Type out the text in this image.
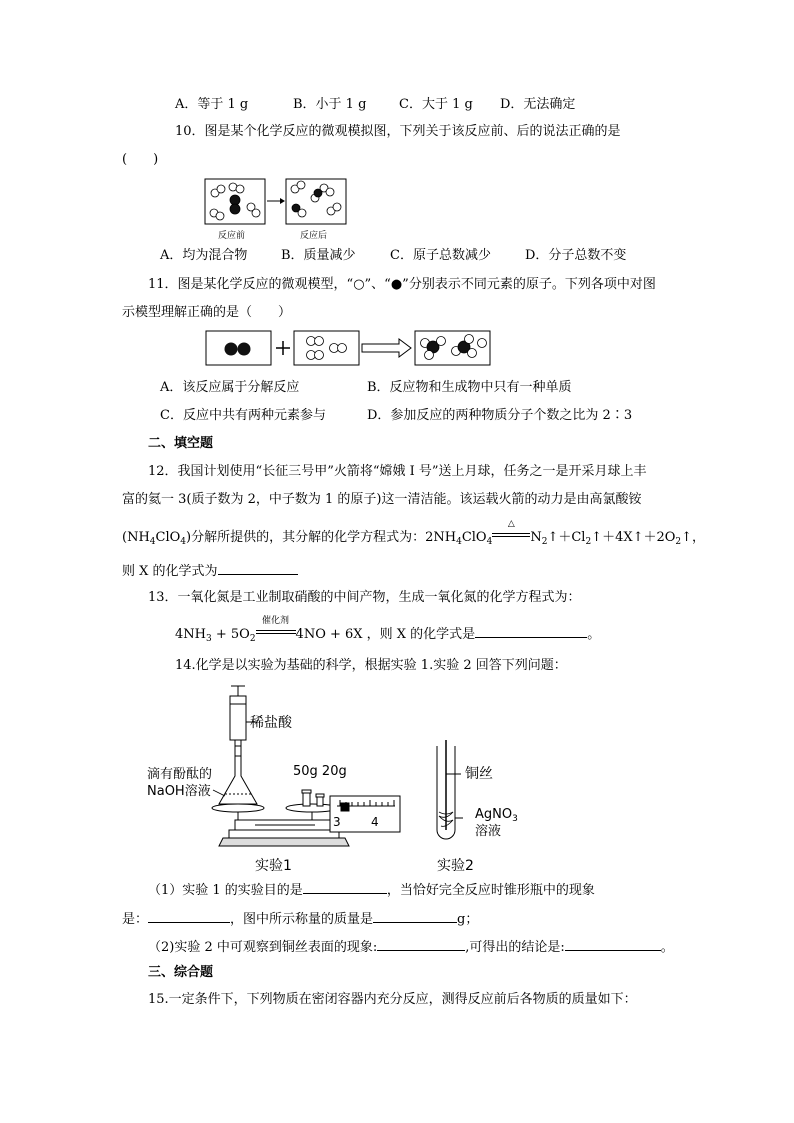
A．等于 1 g	B．小于 1 g	C．大于 1 g D．无法确定
10．图是某个化学反应的微观模拟图，下列关于该反应前、后的说法正确的是
(　　)
反应前	反应后
A．均为混合物	B．质量减少	C．原子总数减少	D．分子总数不变
11．图是某化学反应的微观模型，“○”、“●”分别表示不同元素的原子。下列各项中对图
示模型理解正确的是（　　）
A．该反应属于分解反应	B．反应物和生成物中只有一种单质
C．反应中共有两种元素参与	D．参加反应的两种物质分子个数之比为 2∶3
二、填空题
12．我国计划使用“长征三号甲”火箭将“嫦娥 I 号”送上月球，任务之一是开采月球上丰
富的氦一 3(质子数为 2，中子数为 1 的原子)这一清洁能。该运载火箭的动力是由高氯酸铵
$(NH_4ClO_4)$分解所提供的，其分解的化学方程式为：$2NH_4ClO_4$
△
$N_2↑+Cl_2↑+4X↑+2O_2↑$，
则 X 的化学式为
13．一氧化氮是工业制取硝酸的中间产物，生成一氧化氮的化学方程式为：
$4NH_3 + 5O_2$
催化剂
4NO + 6X ，则 X 的化学式是	。
14.化学是以实验为基础的科学，根据实验 1.实验 2 回答下列问题：
稀盐酸
滴有酚酞的
NaOH溶液
50g 20g
3	4
实验1
铜丝
AgNO$_3$
溶液
实验2
（1）实验 1 的实验目的是	，当恰好完全反应时锥形瓶中的现象
是：	，图中所示称量的质量是	g；
（2)实验 2 中可观察到铜丝表面的现象:	,可得出的结论是:	。
三、综合题
15.一定条件下，下列物质在密闭容器内充分反应，测得反应前后各物质的质量如下：
